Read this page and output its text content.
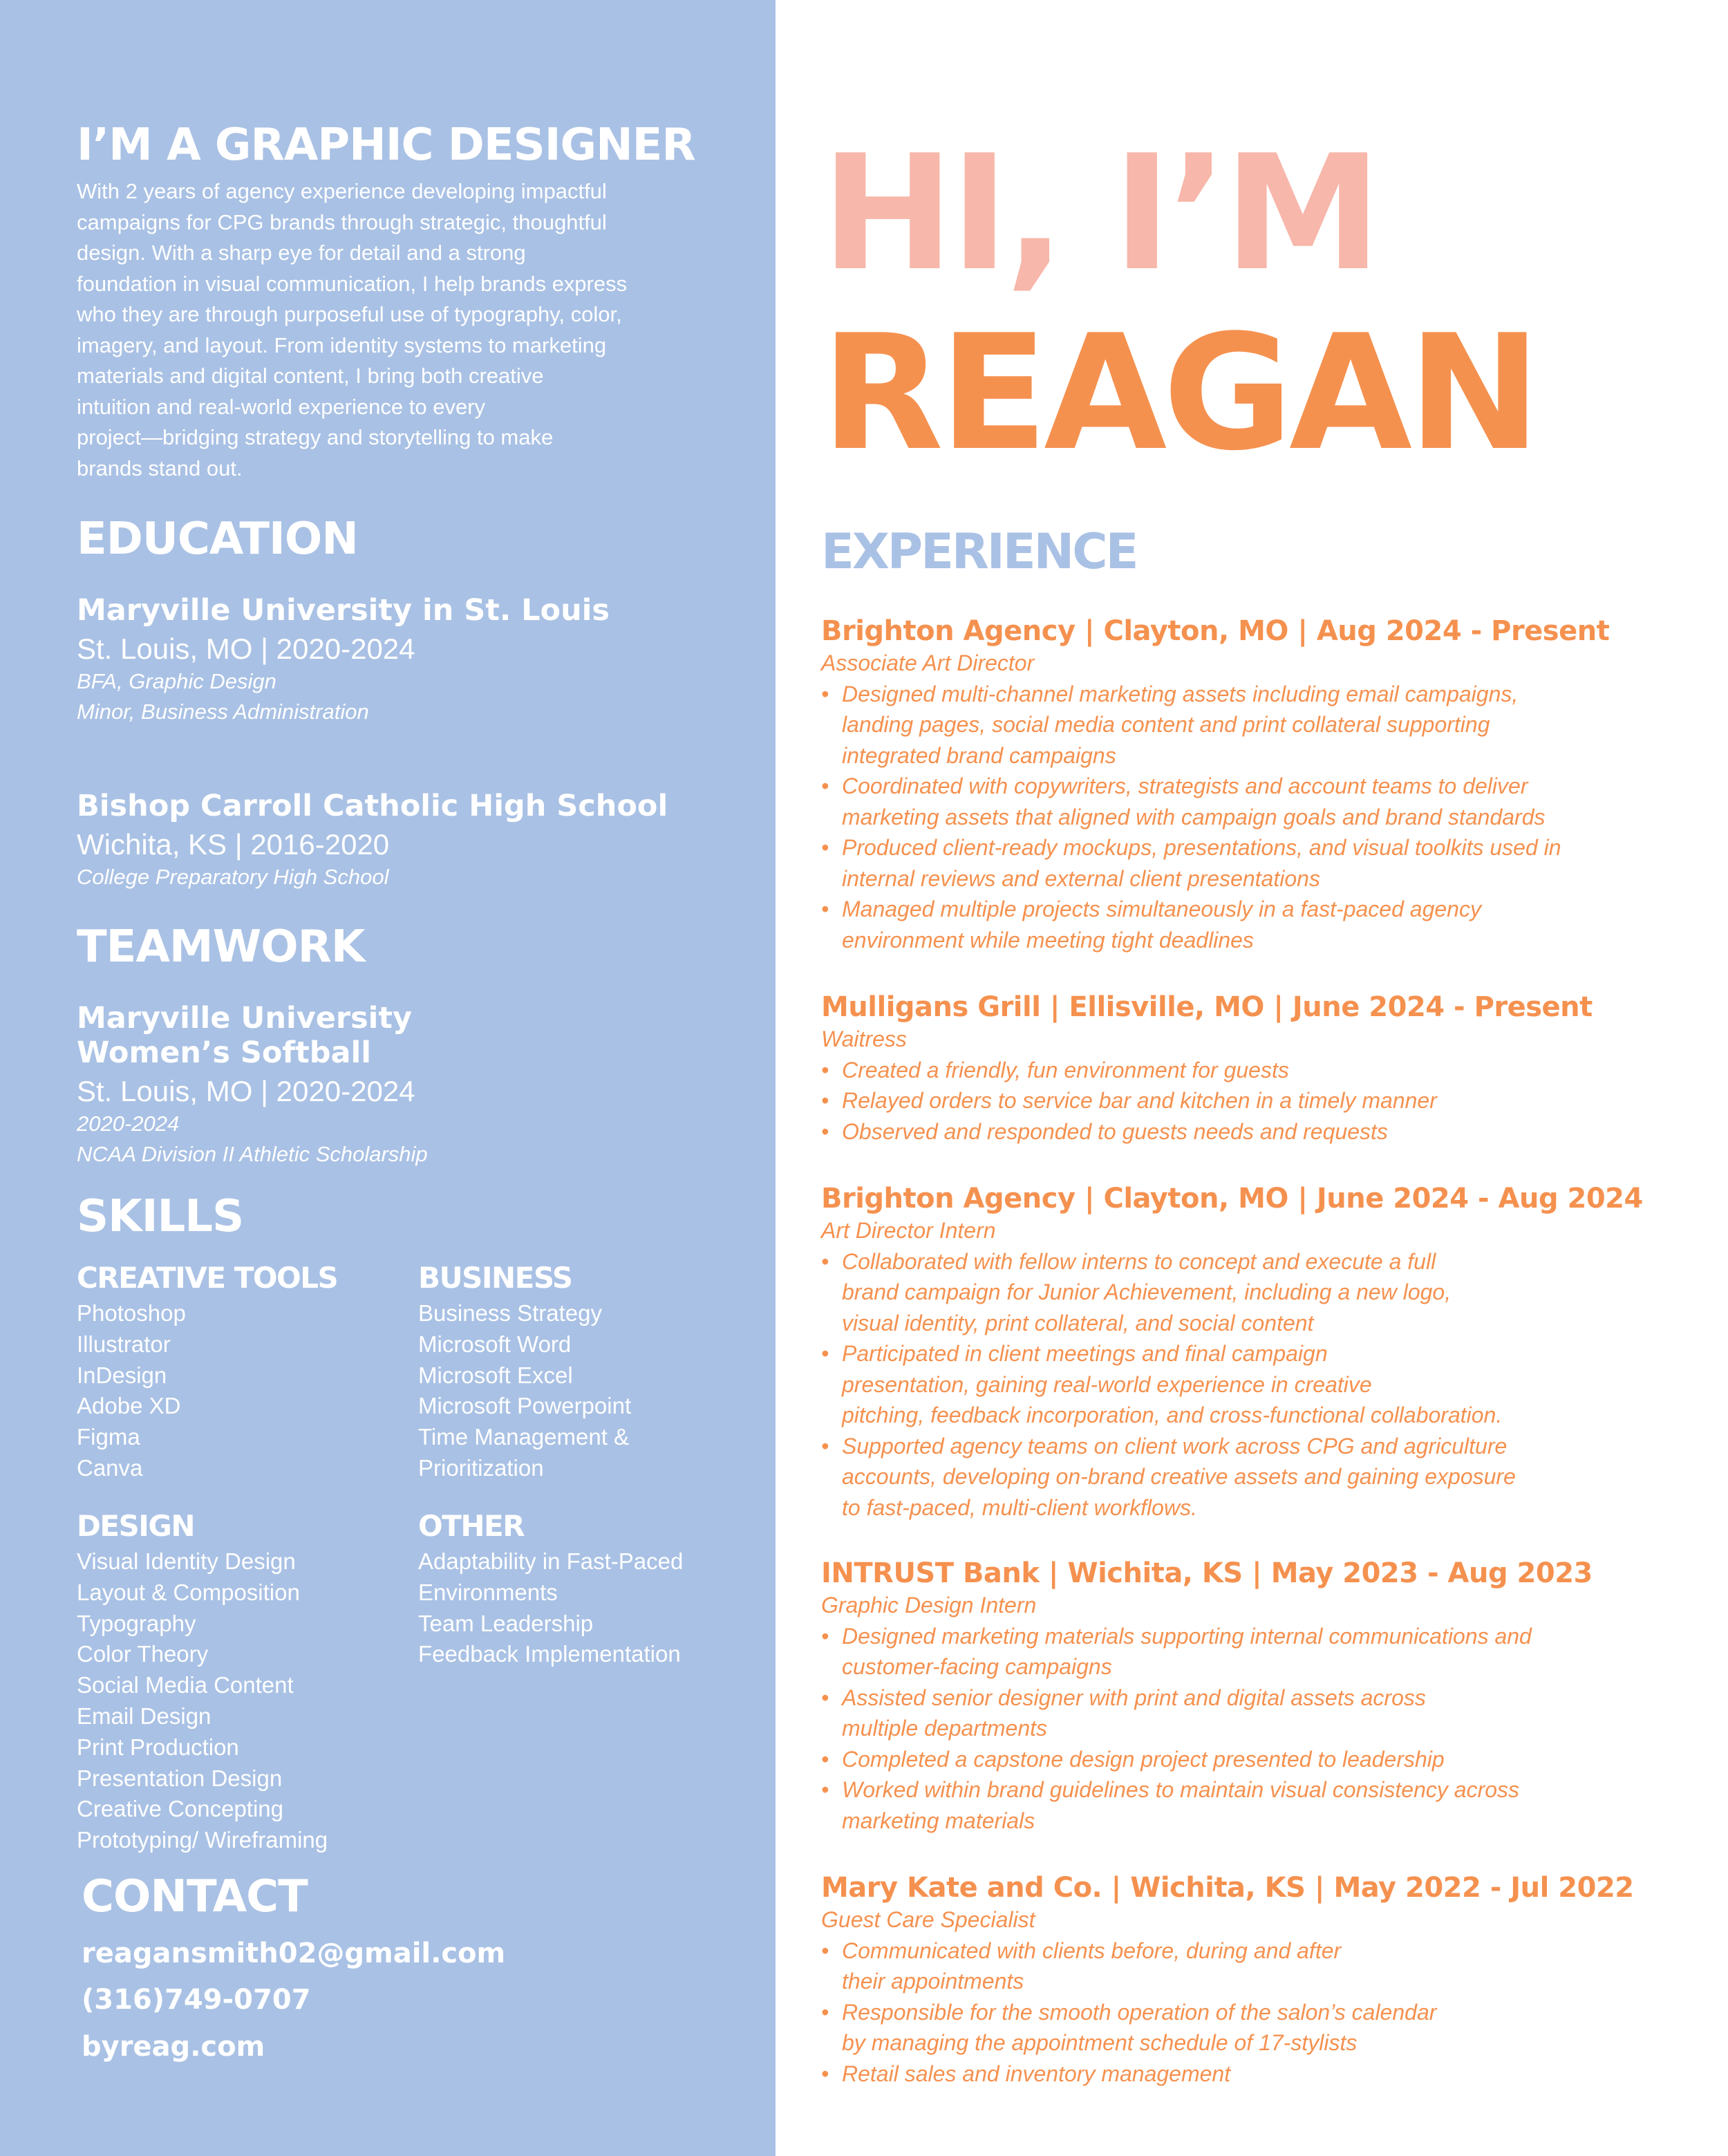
I’M A GRAPHIC DESIGNER

With 2 years of agency experience developing impactful
campaigns for CPG brands through strategic, thoughtful
design. With a sharp eye for detail and a strong
foundation in visual communication, I help brands express
who they are through purposeful use of typography, color,
imagery, and layout. From identity systems to marketing
materials and digital content, I bring both creative
intuition and real-world experience to every
project—bridging strategy and storytelling to make
brands stand out.

EDUCATION
Maryville University in St. Louis
St. Louis, MO | 2020-2024
BFA, Graphic Design
Minor, Business Administration
Bishop Carroll Catholic High School
Wichita, KS | 2016-2020
College Preparatory High School
TEAMWORK
Maryville University
Women’s Softball
St. Louis, MO | 2020-2024
2020-2024
NCAA Division II Athletic Scholarship
SKILLS
CREATIVE TOOLS
Photoshop
Illustrator
InDesign
Adobe XD
Figma
Canva
BUSINESS
Business Strategy
Microsoft Word
Microsoft Excel
Microsoft Powerpoint
Time Management &
Prioritization
DESIGN
Visual Identity Design
Layout & Composition
Typography
Color Theory
Social Media Content
Email Design
Print Production
Presentation Design
Creative Concepting
Prototyping/ Wireframing
OTHER
Adaptability in Fast-Paced
Environments
Team Leadership
Feedback Implementation
CONTACT
reagansmith02@gmail.com
(316)749-0707
byreag.com
HI, I’M
REAGAN
EXPERIENCE

Brighton Agency | Clayton, MO | Aug 2024 - Present

Associate Art Director

• Designed multi-channel marketing assets including email campaigns,
landing pages, social media content and print collateral supporting
integrated brand campaigns
• Coordinated with copywriters, strategists and account teams to deliver
marketing assets that aligned with campaign goals and brand standards
• Produced client-ready mockups, presentations, and visual toolkits used in
internal reviews and external client presentations
• Managed multiple projects simultaneously in a fast-paced agency
environment while meeting tight deadlines

Mulligans Grill | Ellisville, MO | June 2024 - Present

Waitress

• Created a friendly, fun environment for guests
• Relayed orders to service bar and kitchen in a timely manner
• Observed and responded to guests needs and requests

Brighton Agency | Clayton, MO | June 2024 - Aug 2024

Art Director Intern

• Collaborated with fellow interns to concept and execute a full
brand campaign for Junior Achievement, including a new logo,
visual identity, print collateral, and social content
• Participated in client meetings and final campaign
presentation, gaining real-world experience in creative
pitching, feedback incorporation, and cross-functional collaboration.
• Supported agency teams on client work across CPG and agriculture
accounts, developing on-brand creative assets and gaining exposure
to fast-paced, multi-client workflows.

INTRUST Bank | Wichita, KS | May 2023 - Aug 2023

Graphic Design Intern

• Designed marketing materials supporting internal communications and
customer-facing campaigns
• Assisted senior designer with print and digital assets across
multiple departments
• Completed a capstone design project presented to leadership
• Worked within brand guidelines to maintain visual consistency across
marketing materials

Mary Kate and Co. | Wichita, KS | May 2022 - Jul 2022

Guest Care Specialist

• Communicated with clients before, during and after
their appointments
• Responsible for the smooth operation of the salon’s calendar
by managing the appointment schedule of 17-stylists
• Retail sales and inventory management
